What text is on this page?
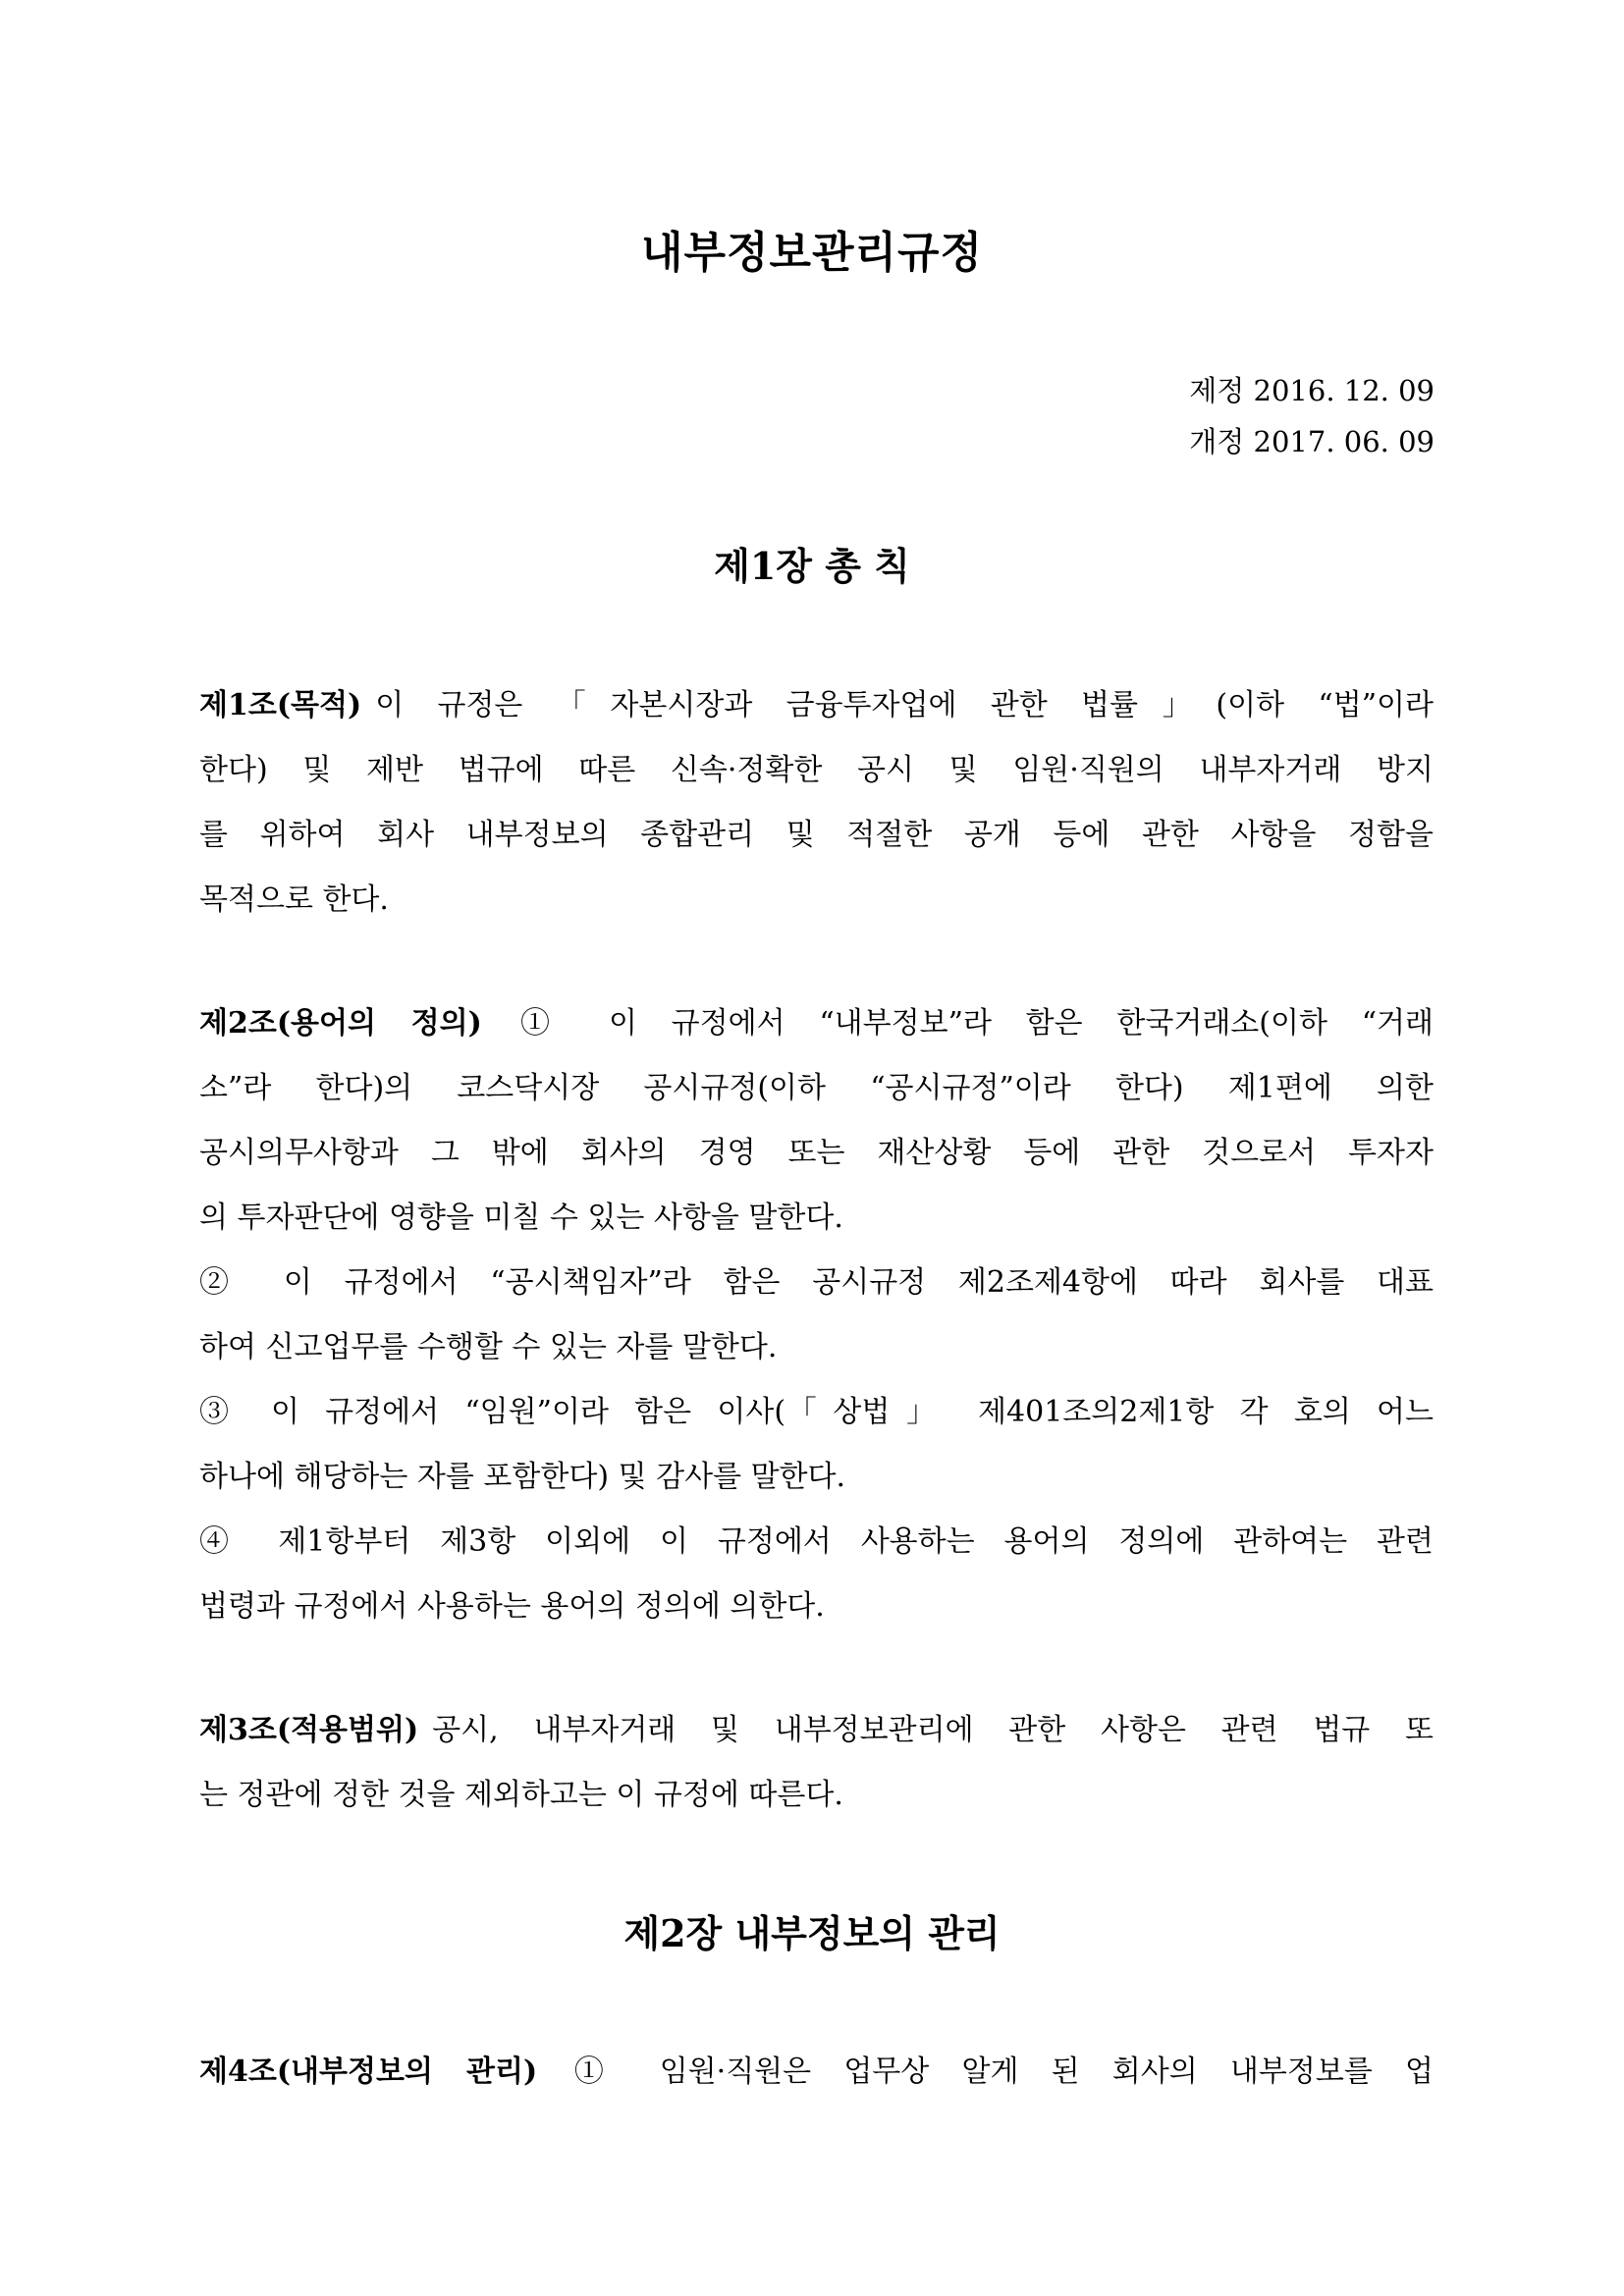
내부정보관리규정
제정 2016. 12. 09
개정 2017. 06. 09
제1장 총 칙
제1조(목적) 이 규정은 「자본시장과 금융투자업에 관한 법률」(이하 “법”이라
한다) 및 제반 법규에 따른 신속·정확한 공시 및 임원·직원의 내부자거래 방지
를 위하여 회사 내부정보의 종합관리 및 적절한 공개 등에 관한 사항을 정함을
목적으로 한다.
제2조(용어의 정의) ① 이 규정에서 “내부정보”라 함은 한국거래소(이하 “거래
소”라 한다)의 코스닥시장 공시규정(이하 “공시규정”이라 한다) 제1편에 의한
공시의무사항과 그 밖에 회사의 경영 또는 재산상황 등에 관한 것으로서 투자자
의 투자판단에 영향을 미칠 수 있는 사항을 말한다.
② 이 규정에서 “공시책임자”라 함은 공시규정 제2조제4항에 따라 회사를 대표
하여 신고업무를 수행할 수 있는 자를 말한다.
③ 이 규정에서 “임원”이라 함은 이사(「상법」 제401조의2제1항 각 호의 어느
하나에 해당하는 자를 포함한다) 및 감사를 말한다.
④ 제1항부터 제3항 이외에 이 규정에서 사용하는 용어의 정의에 관하여는 관련
법령과 규정에서 사용하는 용어의 정의에 의한다.
제3조(적용범위) 공시, 내부자거래 및 내부정보관리에 관한 사항은 관련 법규 또
는 정관에 정한 것을 제외하고는 이 규정에 따른다.
제2장 내부정보의 관리
제4조(내부정보의 관리) ① 임원·직원은 업무상 알게 된 회사의 내부정보를 업
